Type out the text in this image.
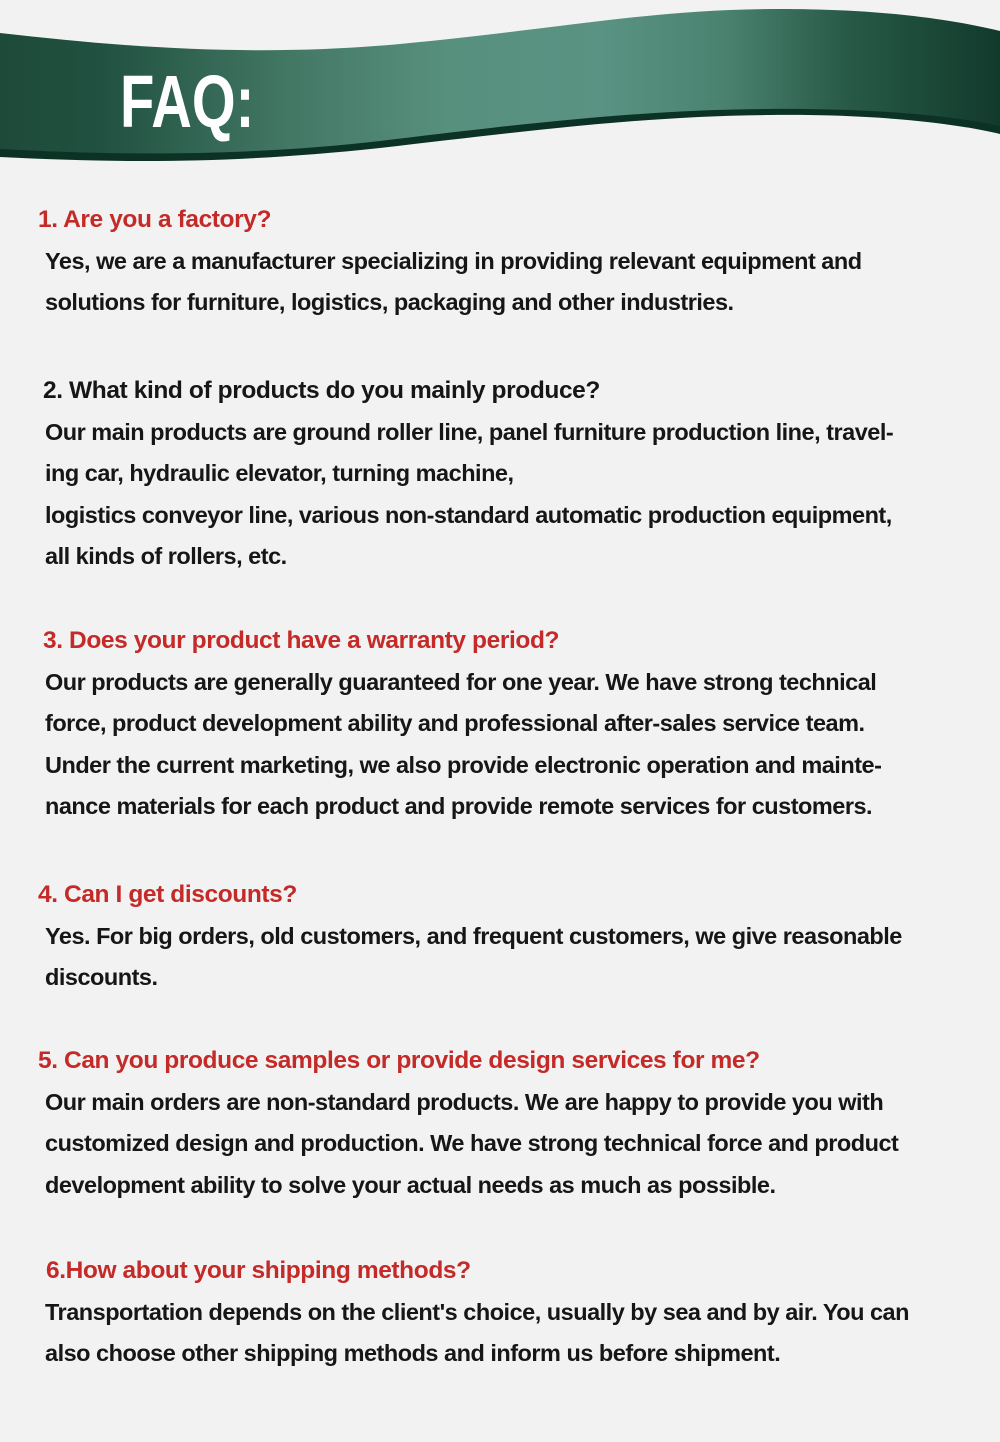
FAQ:
1. Are you a factory?
Yes, we are a manufacturer specializing in providing relevant equipment and
solutions for furniture, logistics, packaging and other industries.
2. What kind of products do you mainly produce?
Our main products are ground roller line, panel furniture production line, travel-
ing car, hydraulic elevator, turning machine,
logistics conveyor line, various non-standard automatic production equipment,
all kinds of rollers, etc.
3. Does your product have a warranty period?
Our products are generally guaranteed for one year. We have strong technical
force, product development ability and professional after-sales service team.
Under the current marketing, we also provide electronic operation and mainte-
nance materials for each product and provide remote services for customers.
4. Can I get discounts?
Yes. For big orders, old customers, and frequent customers, we give reasonable
discounts.
5. Can you produce samples or provide design services for me?
Our main orders are non-standard products. We are happy to provide you with
customized design and production. We have strong technical force and product
development ability to solve your actual needs as much as possible.
6.How about your shipping methods?
Transportation depends on the client's choice, usually by sea and by air. You can
also choose other shipping methods and inform us before shipment.
